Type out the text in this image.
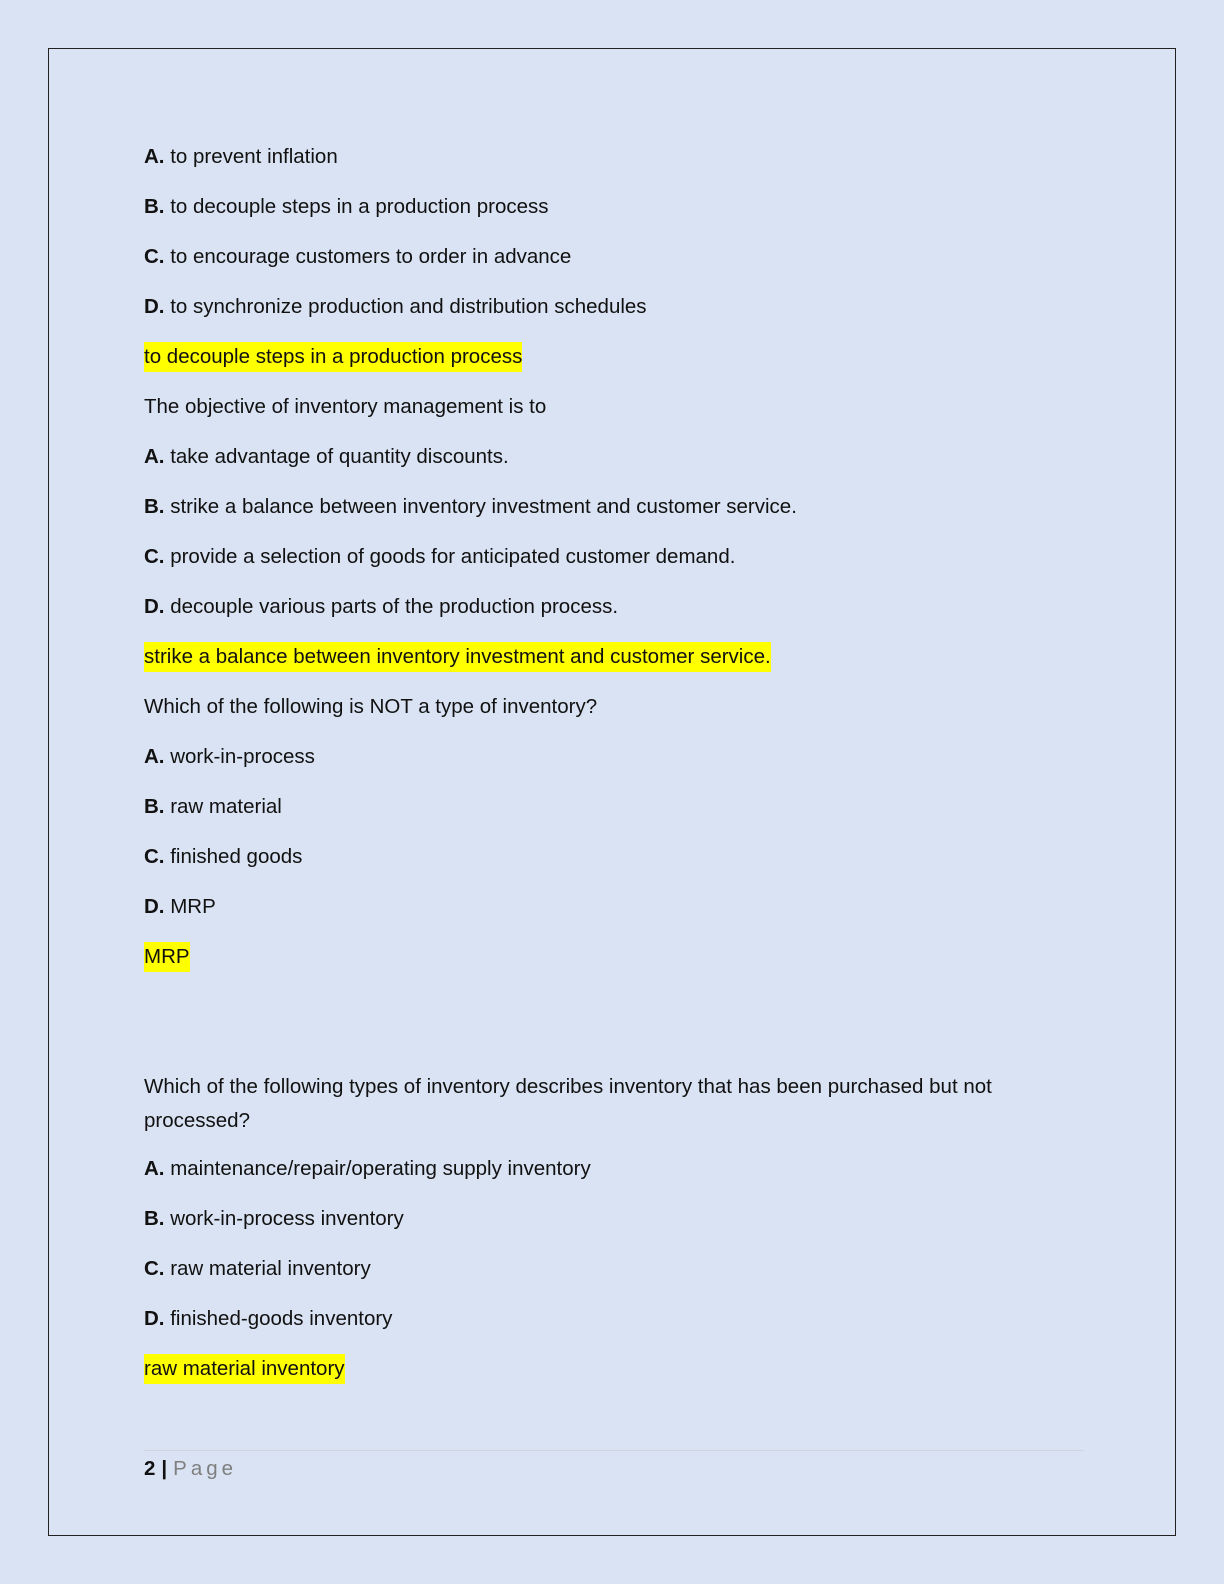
A. to prevent inflation
B. to decouple steps in a production process
C. to encourage customers to order in advance
D. to synchronize production and distribution schedules
to decouple steps in a production process
The objective of inventory management is to
A. take advantage of quantity discounts.
B. strike a balance between inventory investment and customer service.
C. provide a selection of goods for anticipated customer demand.
D. decouple various parts of the production process.
strike a balance between inventory investment and customer service.
Which of the following is NOT a type of inventory?
A. work-in-process
B. raw material
C. finished goods
D. MRP
MRP
Which of the following types of inventory describes inventory that has been purchased but not processed?
A. maintenance/repair/operating supply inventory
B. work-in-process inventory
C. raw material inventory
D. finished-goods inventory
raw material inventory
2 | Page
